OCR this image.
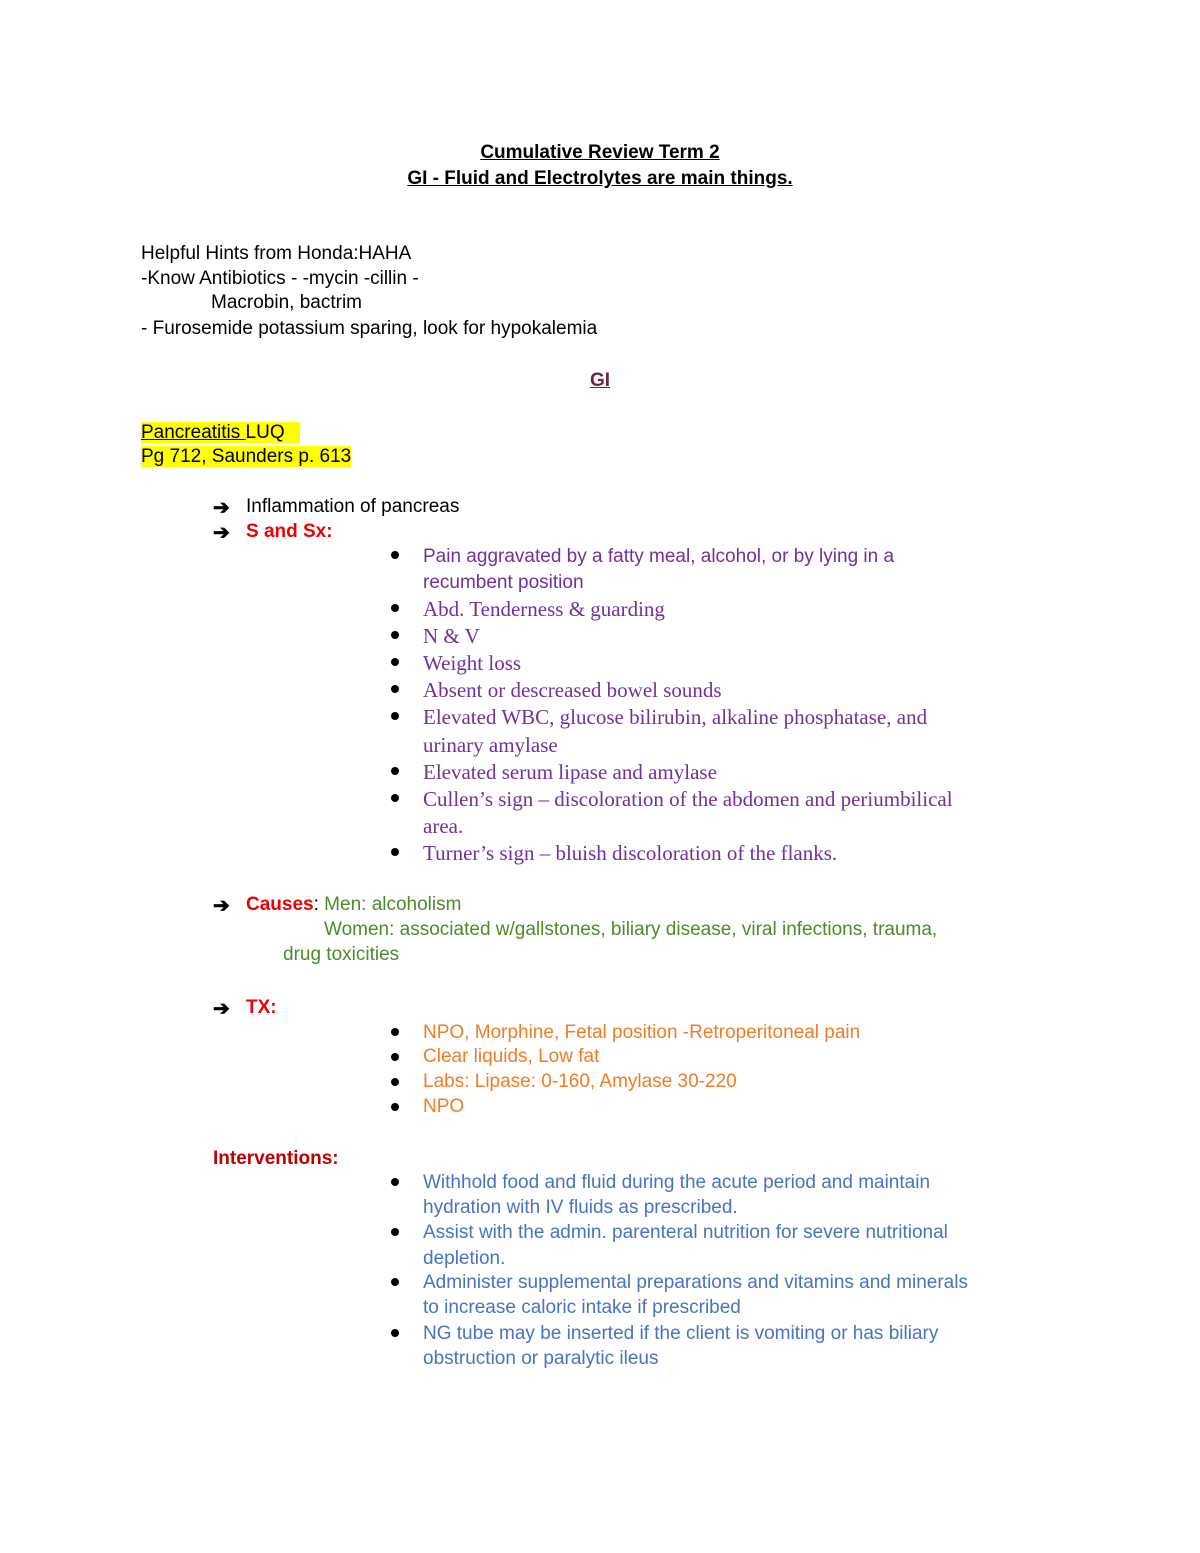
Cumulative Review Term 2
GI - Fluid and Electrolytes are main things.
Helpful Hints from Honda:HAHA
-Know Antibiotics - -mycin -cillin -
Macrobin, bactrim
- Furosemide potassium sparing, look for hypokalemia
GI
Pancreatitis LUQ
Pg 712, Saunders p. 613
➔ Inflammation of pancreas
➔ S and Sx:
Pain aggravated by a fatty meal, alcohol, or by lying in a
recumbent position
Abd. Tenderness & guarding
N & V
Weight loss
Absent or descreased bowel sounds
Elevated WBC, glucose bilirubin, alkaline phosphatase, and
urinary amylase
Elevated serum lipase and amylase
Cullen’s sign – discoloration of the abdomen and periumbilical
area.
Turner’s sign – bluish discoloration of the flanks.
➔ Causes: Men: alcoholism
Women: associated w/gallstones, biliary disease, viral infections, trauma,
drug toxicities
➔ TX:
NPO, Morphine, Fetal position -Retroperitoneal pain
Clear liquids, Low fat
Labs: Lipase: 0-160, Amylase 30-220
NPO
Interventions:
Withhold food and fluid during the acute period and maintain
hydration with IV fluids as prescribed.
Assist with the admin. parenteral nutrition for severe nutritional
depletion.
Administer supplemental preparations and vitamins and minerals
to increase caloric intake if prescribed
NG tube may be inserted if the client is vomiting or has biliary
obstruction or paralytic ileus
